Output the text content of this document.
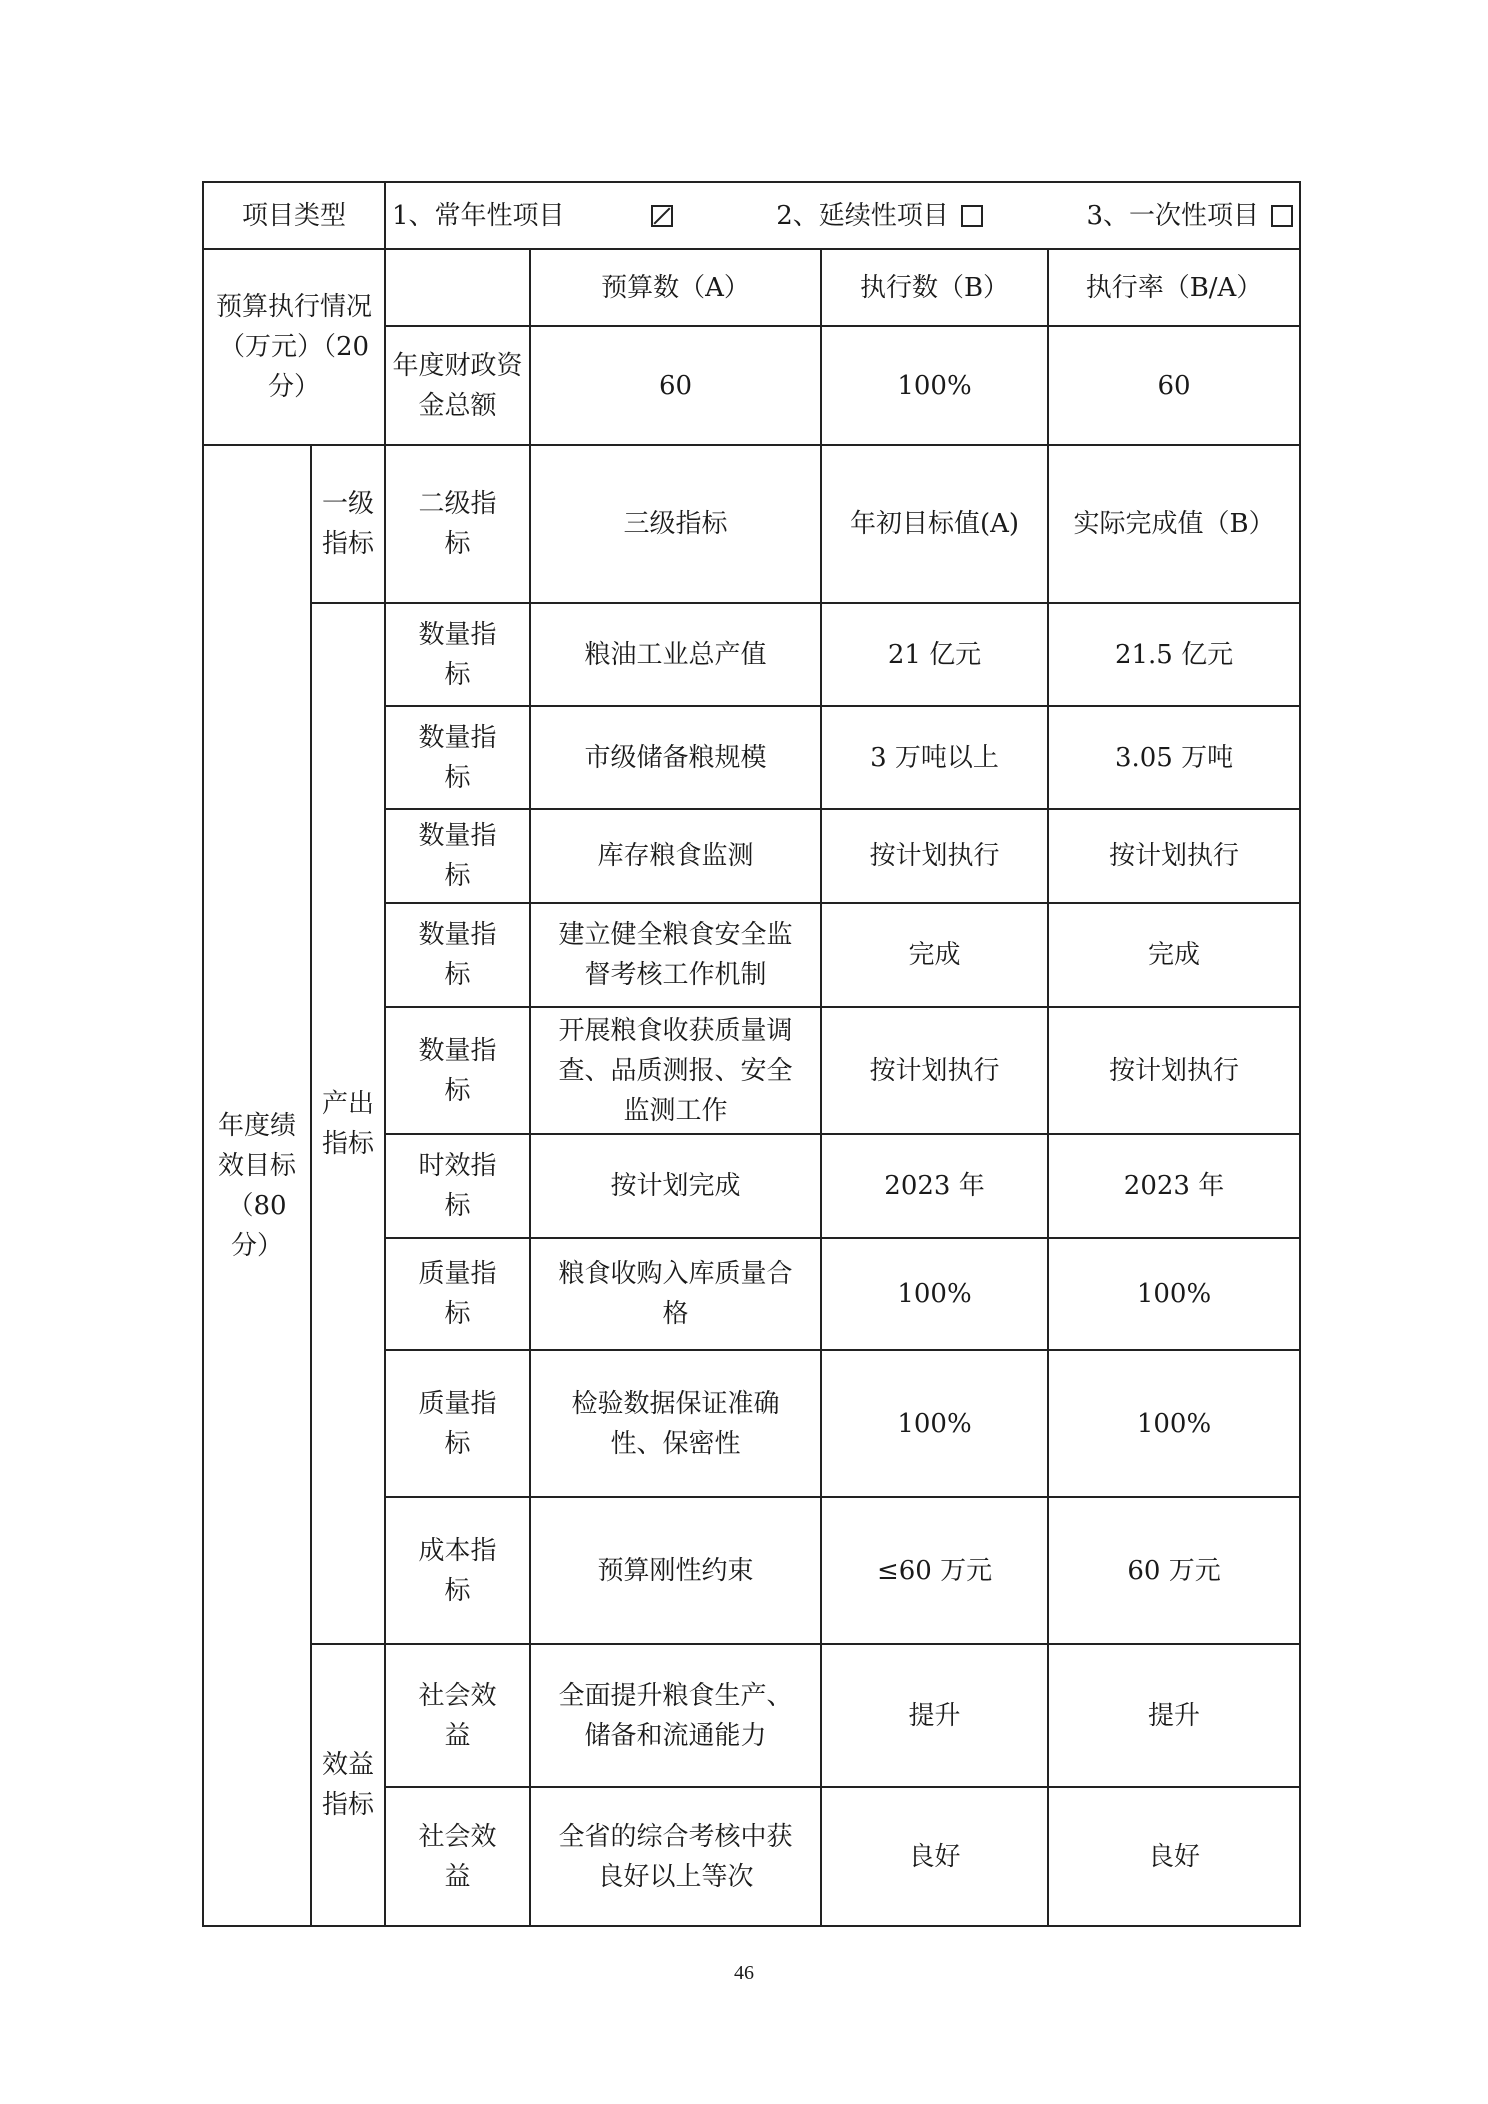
项目类型		1、常年性项目 2、延续性项目 3、一次性项目			

预算执行情况（万元）（20分）			预算数（A）	执行数（B）	执行率（B/A）
		年度财政资金总额	60	100%	60
年度绩效目标（80分）	一级指标	二级指标	三级指标	年初目标值(A)	实际完成值（B）
	产出指标	数量指标	粮油工业总产值	21 亿元	21.5 亿元
		数量指标	市级储备粮规模	3 万吨以上	3.05 万吨
		数量指标	库存粮食监测	按计划执行	按计划执行
		数量指标	建立健全粮食安全监督考核工作机制	完成	完成
		数量指标	开展粮食收获质量调查、品质测报、安全监测工作	按计划执行	按计划执行
		时效指标	按计划完成	2023 年	2023 年
		质量指标	粮食收购入库质量合格	100%	100%
		质量指标	检验数据保证准确性、保密性	100%	100%
		成本指标	预算刚性约束	≤60 万元	60 万元
	效益指标	社会效益	全面提升粮食生产、储备和流通能力	提升	提升
		社会效益	全省的综合考核中获良好以上等次	良好	良好
46
